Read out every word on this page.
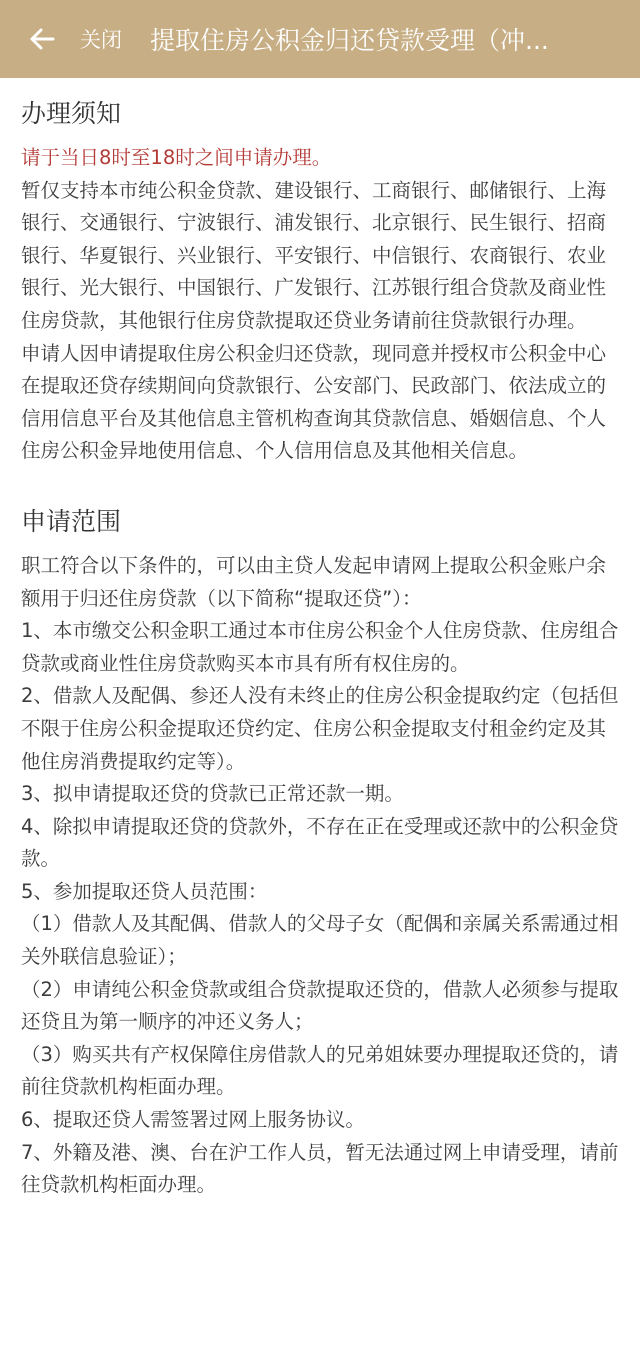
关闭 提取住房公积金归还贷款受理（冲...
办理须知

请于当日8时至18时之间申请办理。

暂仅支持本市纯公积金贷款、建设银行、工商银行、邮储银行、上海银行、交通银行、宁波银行、浦发银行、北京银行、民生银行、招商银行、华夏银行、兴业银行、平安银行、中信银行、农商银行、农业银行、光大银行、中国银行、广发银行、江苏银行组合贷款及商业性住房贷款，其他银行住房贷款提取还贷业务请前往贷款银行办理。

申请人因申请提取住房公积金归还贷款，现同意并授权市公积金中心在提取还贷存续期间向贷款银行、公安部门、民政部门、依法成立的信用信息平台及其他信息主管机构查询其贷款信息、婚姻信息、个人住房公积金异地使用信息、个人信用信息及其他相关信息。

申请范围

职工符合以下条件的，可以由主贷人发起申请网上提取公积金账户余额用于归还住房贷款（以下简称“提取还贷”）：

1、本市缴交公积金职工通过本市住房公积金个人住房贷款、住房组合贷款或商业性住房贷款购买本市具有所有权住房的。

2、借款人及配偶、参还人没有未终止的住房公积金提取约定（包括但不限于住房公积金提取还贷约定、住房公积金提取支付租金约定及其他住房消费提取约定等）。

3、拟申请提取还贷的贷款已正常还款一期。

4、除拟申请提取还贷的贷款外，不存在正在受理或还款中的公积金贷款。

5、参加提取还贷人员范围：

（1）借款人及其配偶、借款人的父母子女（配偶和亲属关系需通过相关外联信息验证）；

（2）申请纯公积金贷款或组合贷款提取还贷的，借款人必须参与提取还贷且为第一顺序的冲还义务人；

（3）购买共有产权保障住房借款人的兄弟姐妹要办理提取还贷的，请前往贷款机构柜面办理。

6、提取还贷人需签署过网上服务协议。

7、外籍及港、澳、台在沪工作人员，暂无法通过网上申请受理，请前往贷款机构柜面办理。
